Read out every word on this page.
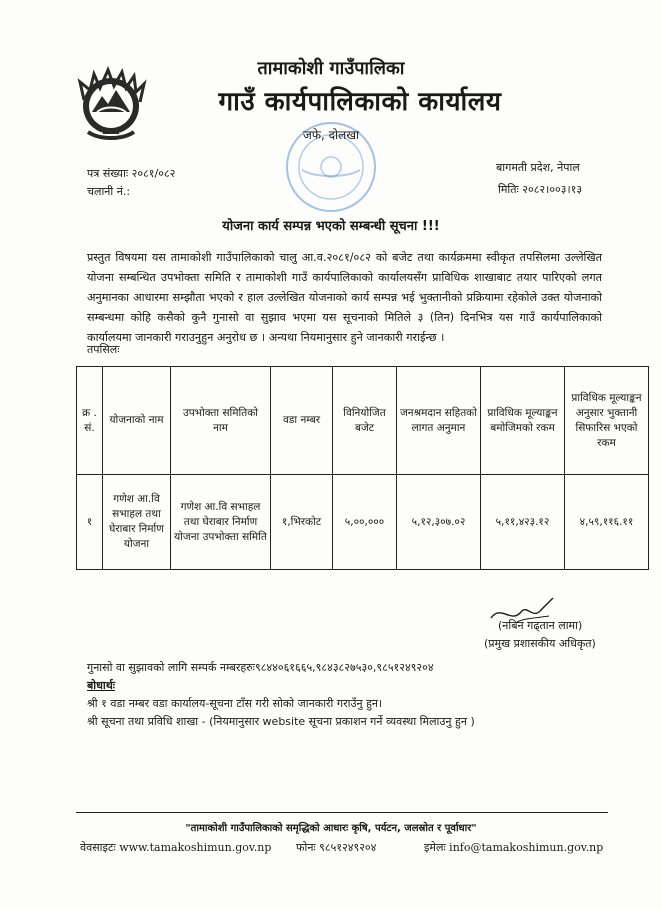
तामाकोशी गाउँपालिका
गाउँ कार्यपालिकाको कार्यालय
जफे, दोलखा
पत्र संख्याः २०८१/०८२
चलानी नं.:
बागमती प्रदेश, नेपाल
मितिः २०८२।००३।१३
योजना कार्य सम्पन्न भएको सम्बन्धी सूचना !!!
प्रस्तुत विषयमा यस तामाकोशी गाउँपालिकाको चालु आ.व.२०८१/०८२ को बजेट तथा कार्यक्रममा स्वीकृत तपसिलमा उल्लेखित योजना सम्बन्धित उपभोक्ता समिति र तामाकोशी गाउँ कार्यपालिकाको कार्यालयसँग प्राविधिक शाखाबाट तयार पारिएको लगत अनुमानका आधारमा सम्झौता भएको र हाल उल्लेखित योजनाको कार्य सम्पन्न भई भुक्तानीको प्रक्रियामा रहेकोले उक्त योजनाको सम्बन्धमा कोहि कसैको कुनै गुनासो वा सुझाव भएमा यस सूचनाको मितिले ३ (तिन) दिनभित्र यस गाउँ कार्यपालिकाको कार्यालयमा जानकारी गराउनुहुन अनुरोध छ । अन्यथा नियमानुसार हुने जानकारी गराईन्छ ।
तपसिलः
क्र . सं.	योजनाको नाम	उपभोक्ता समितिको नाम	वडा नम्बर	विनियोजित बजेट	जनश्रमदान सहितको लागत अनुमान	प्राविधिक मूल्याङ्कन बमोजिमको रकम	प्राविधिक मूल्याङ्कन अनुसार भुक्तानी सिफारिस भएको रकम
१	गणेश आ.वि सभाहल तथा घेराबार निर्माण योजना	गणेश आ.वि सभाहल तथा घेराबार निर्माण योजना उपभोक्ता समिति	१,भिरकोट	५,००,०००	५,१२,३०७.०२	५,११,४२३.१२	४,५९,११६.११
(नबिन गढ्तान लामा)
(प्रमुख प्रशासकीय अधिकृत)
गुनासो वा सुझावको लागि सम्पर्क नम्बरहरुः९८४४०६१६६५,९८४३८२७५३०,९८५१२४९२०४
बोधार्थः
श्री १ वडा नम्बर वडा कार्यालय-सूचना टाँस गरी सोको जानकारी गराउँनु हुन।
श्री सूचना तथा प्रविधि शाखा - (नियमानुसार website सूचना प्रकाशन गर्ने व्यवस्था मिलाउनु हुन )
"तामाकोशी गाउँपालिकाको समृद्धिको आधारः कृषि, पर्यटन, जलस्रोत र पूर्वाधार"
वेवसाइटः www.tamakoshimun.gov.np फोनः ९८५१२४९२०४	इमेलः info@tamakoshimun.gov.np
